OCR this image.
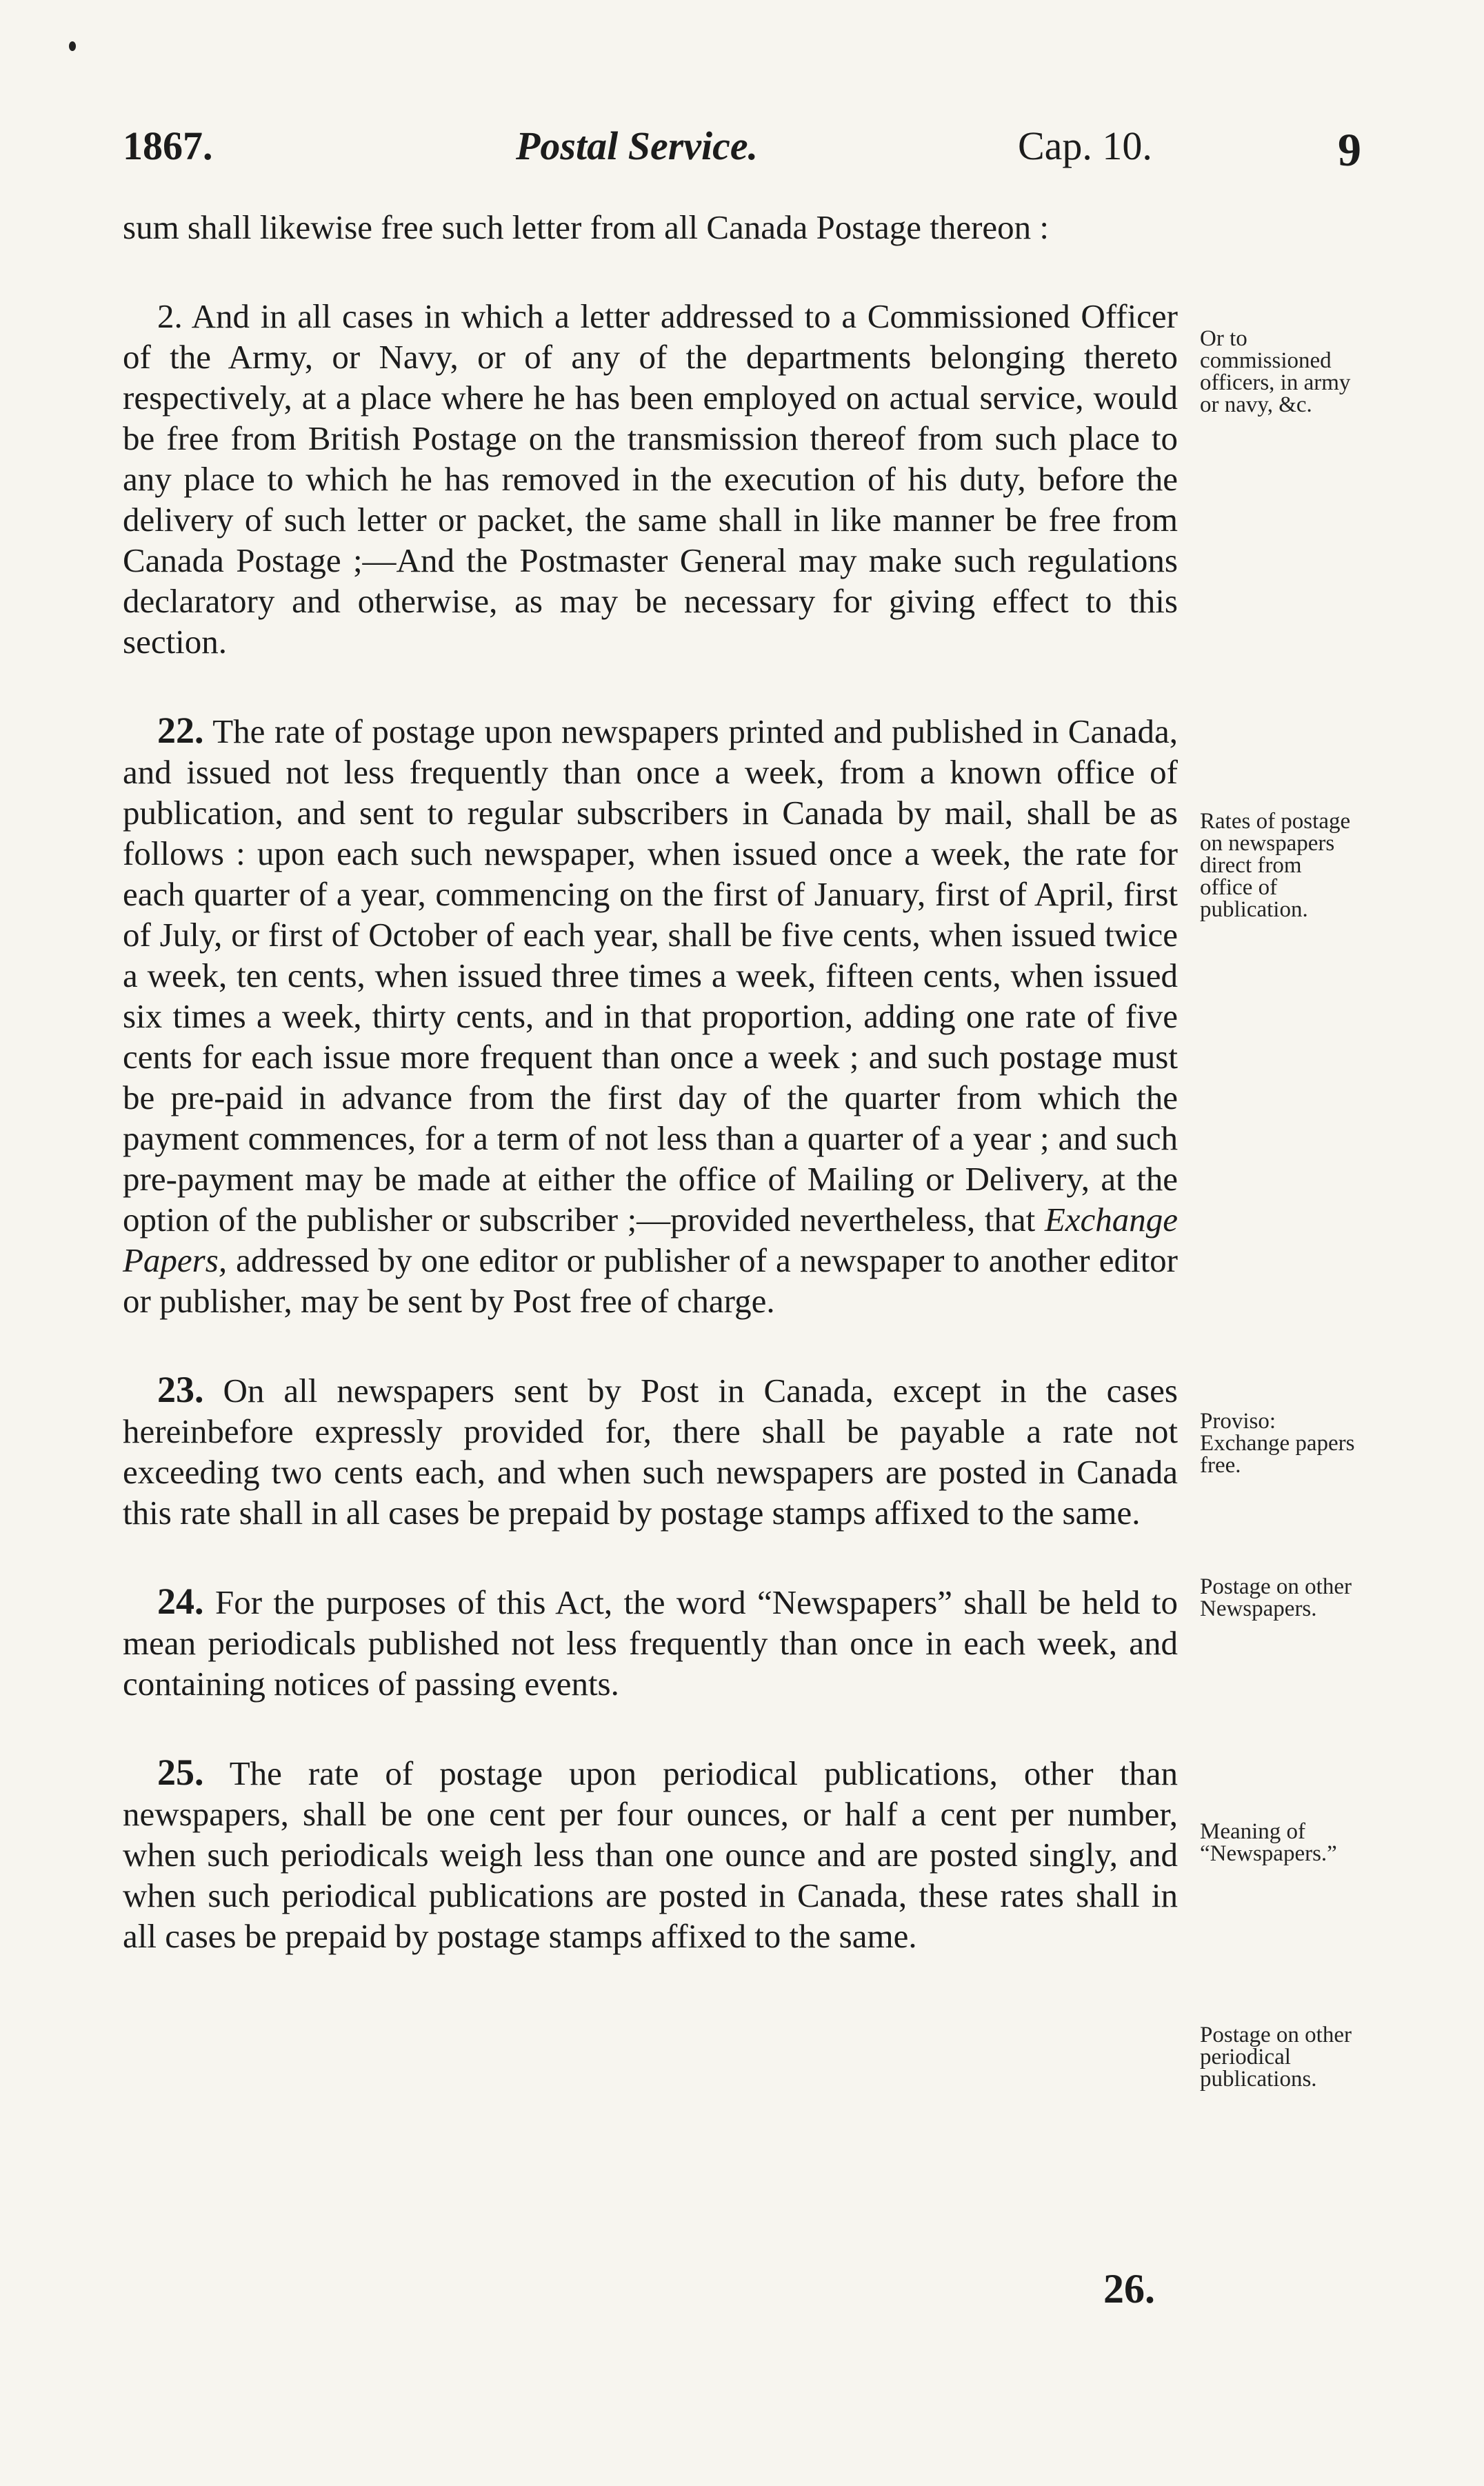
1867.	Postal Service.	Cap. 10.	9

sum shall likewise free such letter from all Canada Postage thereon :

2. And in all cases in which a letter addressed to a Commissioned Officer of the Army, or Navy, or of any of the departments belonging thereto respectively, at a place where he has been employed on actual service, would be free from British Postage on the transmission thereof from such place to any place to which he has removed in the execution of his duty, before the delivery of such letter or packet, the same shall in like manner be free from Canada Postage ;—And the Postmaster General may make such regulations declaratory and otherwise, as may be necessary for giving effect to this section.

22. The rate of postage upon newspapers printed and published in Canada, and issued not less frequently than once a week, from a known office of publication, and sent to regular subscribers in Canada by mail, shall be as follows : upon each such newspaper, when issued once a week, the rate for each quarter of a year, commencing on the first of January, first of April, first of July, or first of October of each year, shall be five cents, when issued twice a week, ten cents, when issued three times a week, fifteen cents, when issued six times a week, thirty cents, and in that proportion, adding one rate of five cents for each issue more frequent than once a week ; and such postage must be pre-paid in advance from the first day of the quarter from which the payment commences, for a term of not less than a quarter of a year ; and such pre-payment may be made at either the office of Mailing or Delivery, at the option of the publisher or subscriber ;—provided nevertheless, that Exchange Papers, addressed by one editor or publisher of a newspaper to another editor or publisher, may be sent by Post free of charge.

23. On all newspapers sent by Post in Canada, except in the cases hereinbefore expressly provided for, there shall be payable a rate not exceeding two cents each, and when such newspapers are posted in Canada this rate shall in all cases be prepaid by postage stamps affixed to the same.

24. For the purposes of this Act, the word “Newspapers” shall be held to mean periodicals published not less frequently than once in each week, and containing notices of passing events.

25. The rate of postage upon periodical publications, other than newspapers, shall be one cent per four ounces, or half a cent per number, when such periodicals weigh less than one ounce and are posted singly, and when such periodical publications are posted in Canada, these rates shall in all cases be prepaid by postage stamps affixed to the same.

Or to commissioned officers, in army or navy, &c.
Rates of postage on newspapers direct from office of publication.
Proviso: Exchange papers free.
Postage on other Newspapers.
Meaning of “Newspapers.”
Postage on other periodical publications.
26.
